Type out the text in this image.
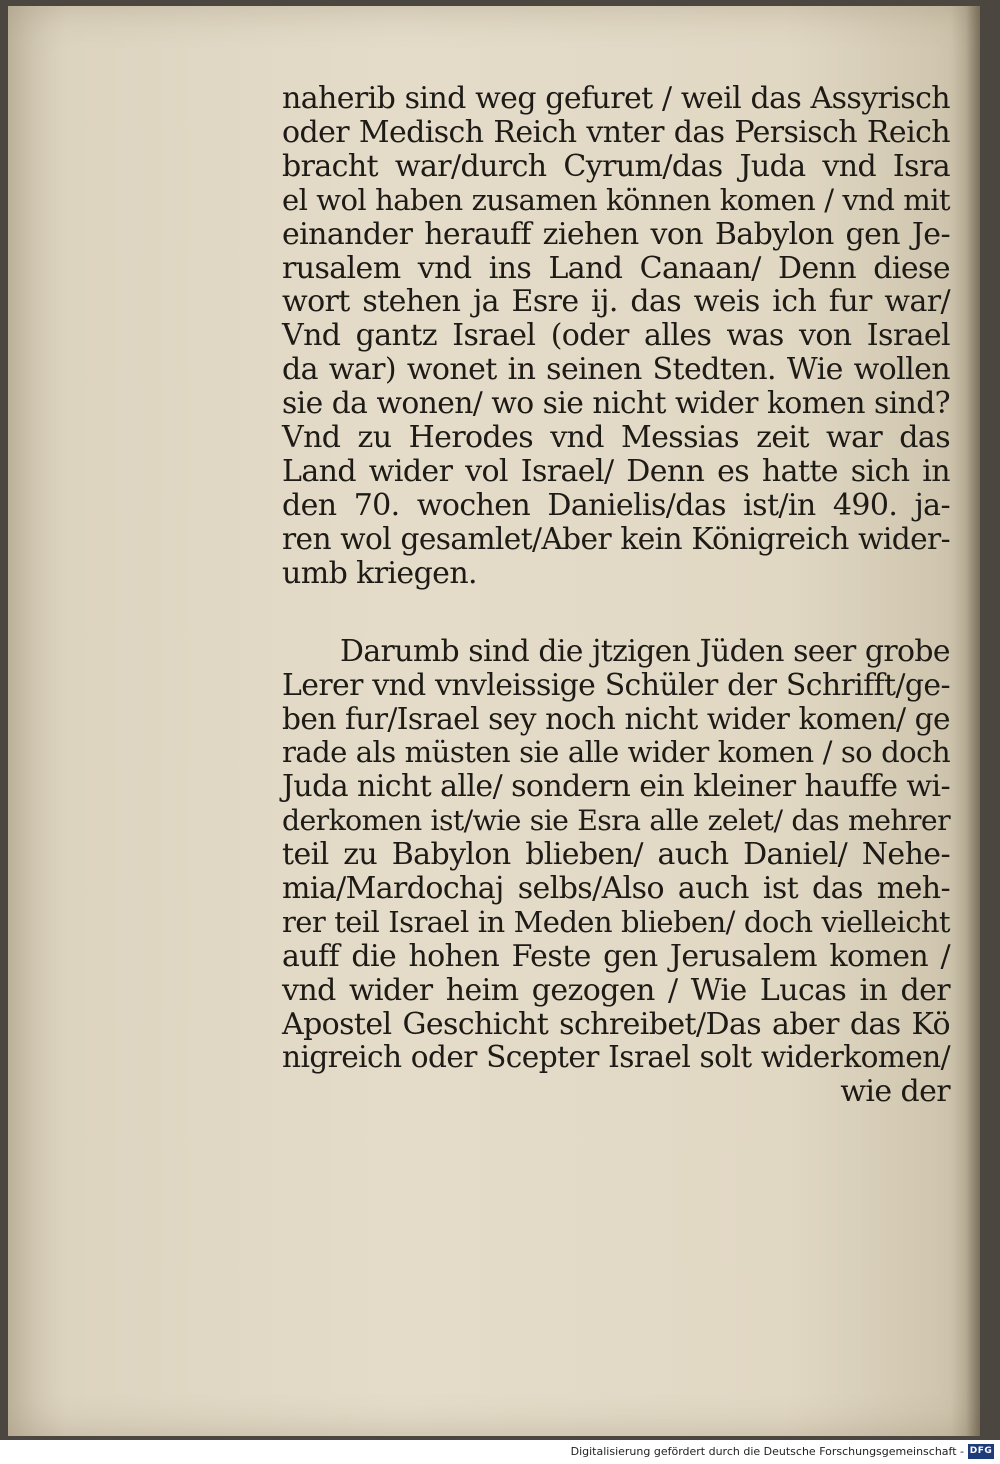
naherib sind weg gefuret / weil das Assyrisch
oder Medisch Reich vnter das Persisch Reich
bracht war/durch Cyrum/das Juda vnd Isra
el wol haben zusamen können komen / vnd mit
einander herauff ziehen von Babylon gen Je-
rusalem vnd ins Land Canaan/ Denn diese
wort stehen ja Esre ij. das weis ich fur war/
Vnd gantz Israel (oder alles was von Israel
da war) wonet in seinen Stedten. Wie wollen
sie da wonen/ wo sie nicht wider komen sind?
Vnd zu Herodes vnd Messias zeit war das
Land wider vol Israel/ Denn es hatte sich in
den 70. wochen Danielis/das ist/in 490. ja-
ren wol gesamlet/Aber kein Königreich wider-
umb kriegen.
Darumb sind die jtzigen Jüden seer grobe
Lerer vnd vnvleissige Schüler der Schrifft/ge-
ben fur/Israel sey noch nicht wider komen/ ge
rade als müsten sie alle wider komen / so doch
Juda nicht alle/ sondern ein kleiner hauffe wi-
derkomen ist/wie sie Esra alle zelet/ das mehrer
teil zu Babylon blieben/ auch Daniel/ Nehe-
mia/Mardochaj selbs/Also auch ist das meh-
rer teil Israel in Meden blieben/ doch vielleicht
auff die hohen Feste gen Jerusalem komen /
vnd wider heim gezogen / Wie Lucas in der
Apostel Geschicht schreibet/Das aber das Kö
nigreich oder Scepter Israel solt widerkomen/
wie der
Digitalisierung gefördert durch die Deutsche Forschungsgemeinschaft - DFG
